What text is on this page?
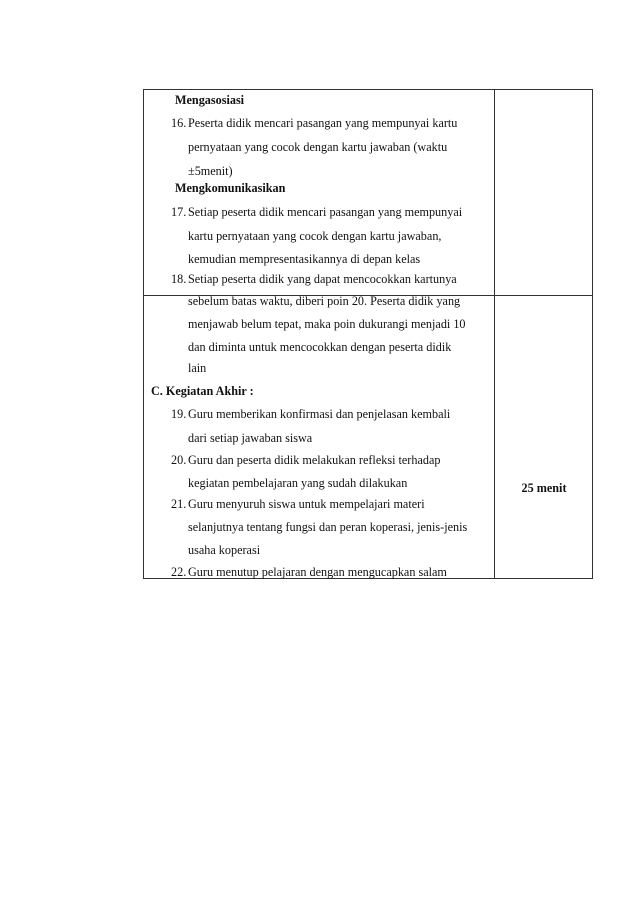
Mengasosiasi
16. Peserta didik mencari pasangan yang mempunyai kartu
pernyataan yang cocok dengan kartu jawaban (waktu
±5menit)
Mengkomunikasikan
17. Setiap peserta didik mencari pasangan yang mempunyai
kartu pernyataan yang cocok dengan kartu jawaban,
kemudian mempresentasikannya di depan kelas
18. Setiap peserta didik yang dapat mencocokkan kartunya
sebelum batas waktu, diberi poin 20. Peserta didik yang
menjawab belum tepat, maka poin dukurangi menjadi 10
dan diminta untuk mencocokkan dengan peserta didik
lain
C. Kegiatan Akhir :
19. Guru memberikan konfirmasi dan penjelasan kembali
dari setiap jawaban siswa
20. Guru dan peserta didik melakukan refleksi terhadap
kegiatan pembelajaran yang sudah dilakukan
21. Guru menyuruh siswa untuk mempelajari materi
selanjutnya tentang fungsi dan peran koperasi, jenis-jenis
usaha koperasi
22. Guru menutup pelajaran dengan mengucapkan salam
25 menit
